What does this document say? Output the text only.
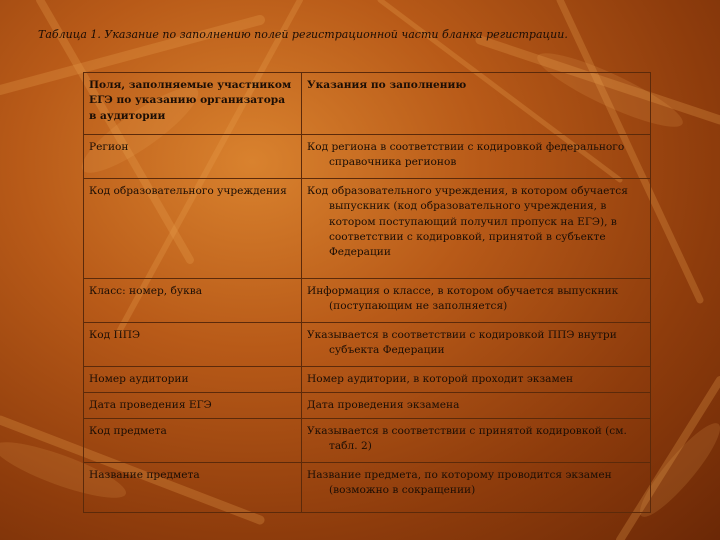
Таблица 1. Указание по заполнению полей регистрационной части бланка регистрации.
Поля, заполняемые участником ЕГЭ по указанию организатора в аудитории	Указания по заполнению
Регион	Код региона в соответствии с кодировкой федерального справочника регионов

Код образовательного учреждения	Код образовательного учреждения, в котором обучается выпускник (код образовательного учреждения, в котором поступающий получил пропуск на ЕГЭ), в соответствии с кодировкой, принятой в субъекте Федерации

Класс: номер, буква	Информация о классе, в котором обучается выпускник (поступающим не заполняется)

Код ППЭ	Указывается в соответствии с кодировкой ППЭ внутри субъекта Федерации

Номер аудитории	Номер аудитории, в которой проходит экзамен

Дата проведения ЕГЭ	Дата проведения экзамена

Код предмета	Указывается в соответствии с принятой кодировкой (см. табл. 2)

Название предмета	Название предмета, по которому проводится экзамен (возможно в сокращении)
